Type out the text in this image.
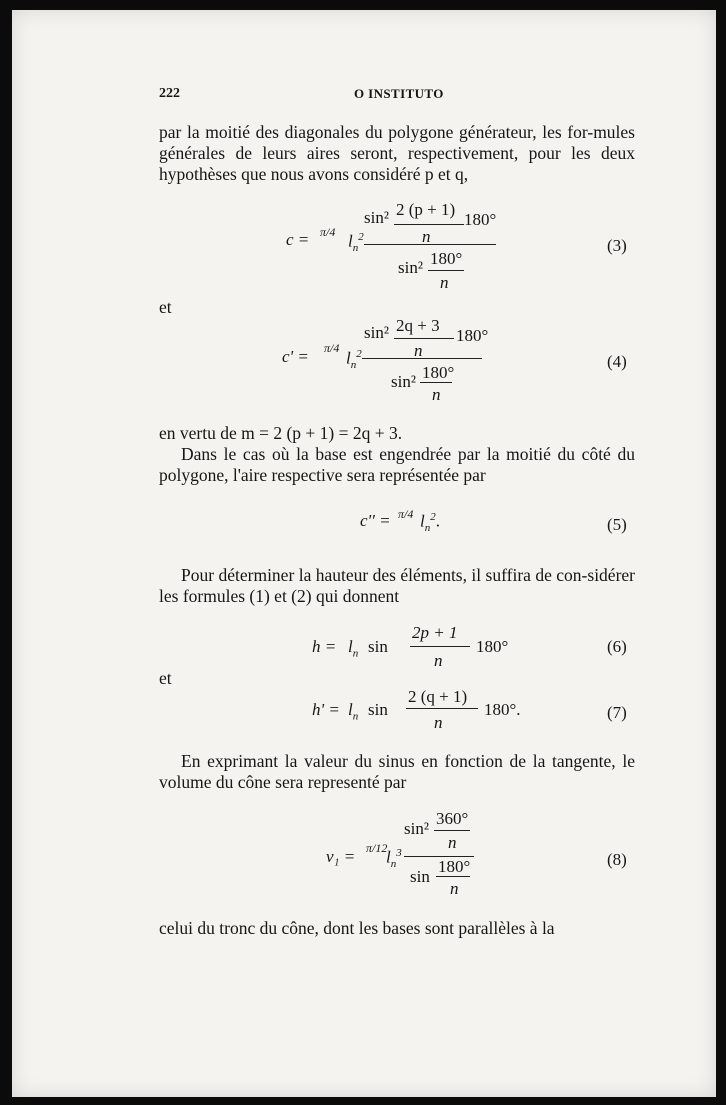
222	O INSTITUTO
par la moitié des diagonales du polygone générateur, les for-mules générales de leurs aires seront, respectivement, pour les deux hypothèses que nous avons considéré p et q,
sin² 2 (p + 1)
n
180°
c = π/4 $l_n^2$
sin² 180°
n
(3)
et
sin² 2q + 3
n
180°
c' = π/4
$l_n^2$
sin² 180°
n
(4)
en vertu de m = 2 (p + 1) = 2q + 3.
Dans le cas où la base est engendrée par la moitié du côté du polygone, l'aire respective sera représentée par
c'' = π/4 $l_n^2$.	(5)
Pour déterminer la hauteur des éléments, il suffira de con-sidérer les formules (1) et (2) qui donnent
$h = l_n$ sin
2p + 1
n
180°	(6)
et
$h' = l_n$ sin
2 (q + 1)
n
180°.	(7)
En exprimant la valeur du sinus en fonction de la tangente, le volume du cône sera representé par
sin²
360°
n
v₁ = π/12
$l_n^3$
sin
180°
n
(8)
celui du tronc du cône, dont les bases sont parallèles à la
